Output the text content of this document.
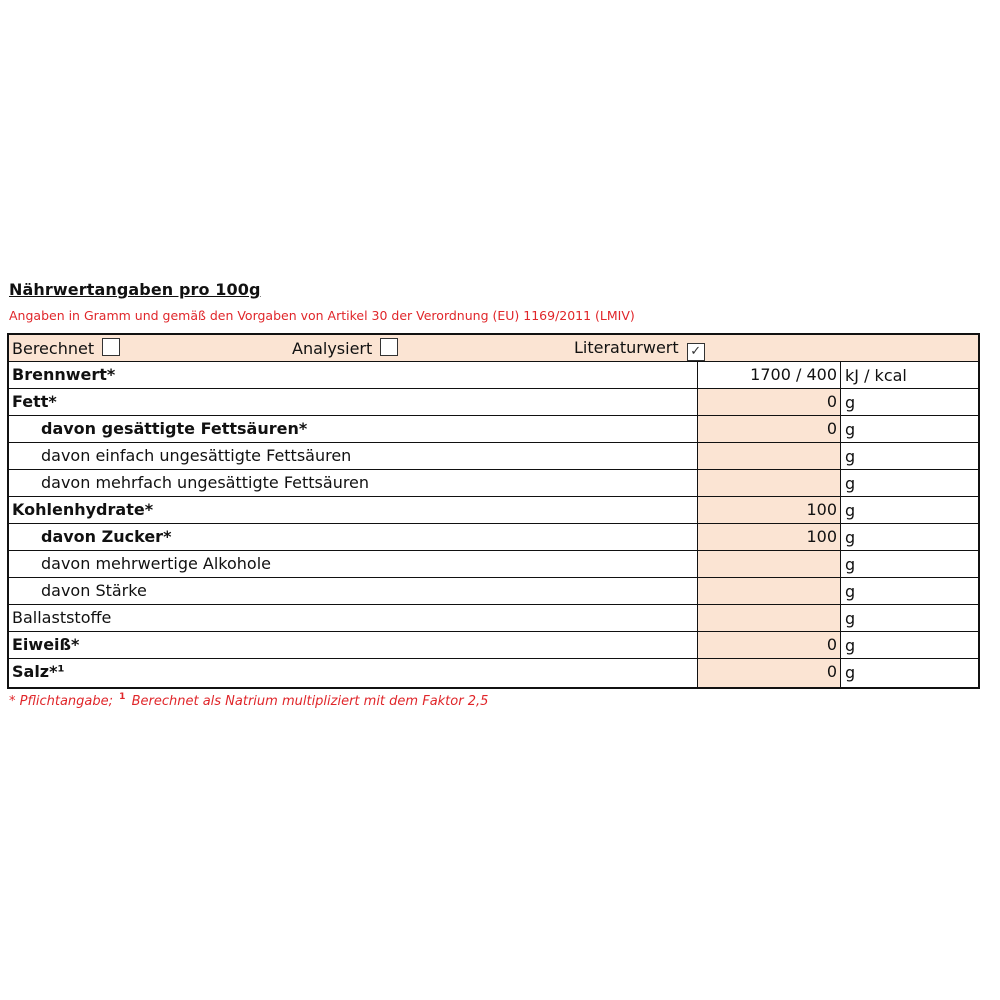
Nährwertangaben pro 100g
Angaben in Gramm und gemäß den Vorgaben von Artikel 30 der Verordnung (EU) 1169/2011 (LMIV)
Berechnet	Analysiert	Literaturwert ✓
Brennwert*	1700 / 400 kJ / kcal
Fett*	0 g
davon gesättigte Fettsäuren*	0 g
davon einfach ungesättigte Fettsäuren	g
davon mehrfach ungesättigte Fettsäuren	g
Kohlenhydrate*	100 g
davon Zucker*	100 g
davon mehrwertige Alkohole	g
davon Stärke	g
Ballaststoffe	g
Eiweiß*	0 g
Salz*¹	0 g
* Pflichtangabe; $^1$ Berechnet als Natrium multipliziert mit dem Faktor 2,5
